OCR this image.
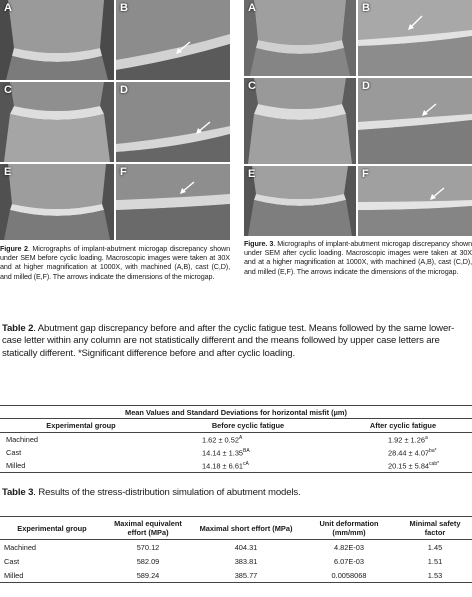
A	B
C	D
E	F
Figure 2. Micrographs of implant-abutment microgap discrepancy shown under SEM before cyclic loading. Macroscopic images were taken at 30X and at higher magnification at 1000X, with machined (A,B), cast (C,D), and milled (E,F). The arrows indicate the dimensions of the microgap.
A	B
C	D
E	F
Figure. 3. Micrographs of implant-abutment microgap discrepancy shown under SEM after cyclic loading. Macroscopic images were taken at 30X and at a higher magnification at 1000X, with machined (A,B), cast (C,D), and milled (E,F). The arrows indicate the dimensions of the microgap.
Table 2. Abutment gap discrepancy before and after the cyclic fatigue test. Means followed by the same lower-case letter within any column are not statistically different and the means followed by upper case letters are statically different. *Significant difference before and after cyclic loading.
Mean Values and Standard Deviations for horizontal misfit (µm)		
Experimental group	Before cyclic fatigue	After cyclic fatigue
Machined	$1.62 \pm 0.52^A$	1.92 ± 1.26$^a$
Cast	$14.14 \pm 1.35^{BA}$	$28.44 \pm 4.07^{ba*}$
Milled	$14.18 \pm 6.61^{cA}$	$20.15 \pm 5.84^{cab*}$
Table 3. Results of the stress-distribution simulation of abutment models.
Experimental group	Maximal equivalent effort (MPa)	Maximal short effort (MPa)	Unit deformation (mm/mm)	Minimal safety factor
Machined	570.12	404.31	4.82E-03	1.45
Cast	582.09	383.81	6.07E-03	1.51
Milled	589.24	385.77	0.0058068	1.53
